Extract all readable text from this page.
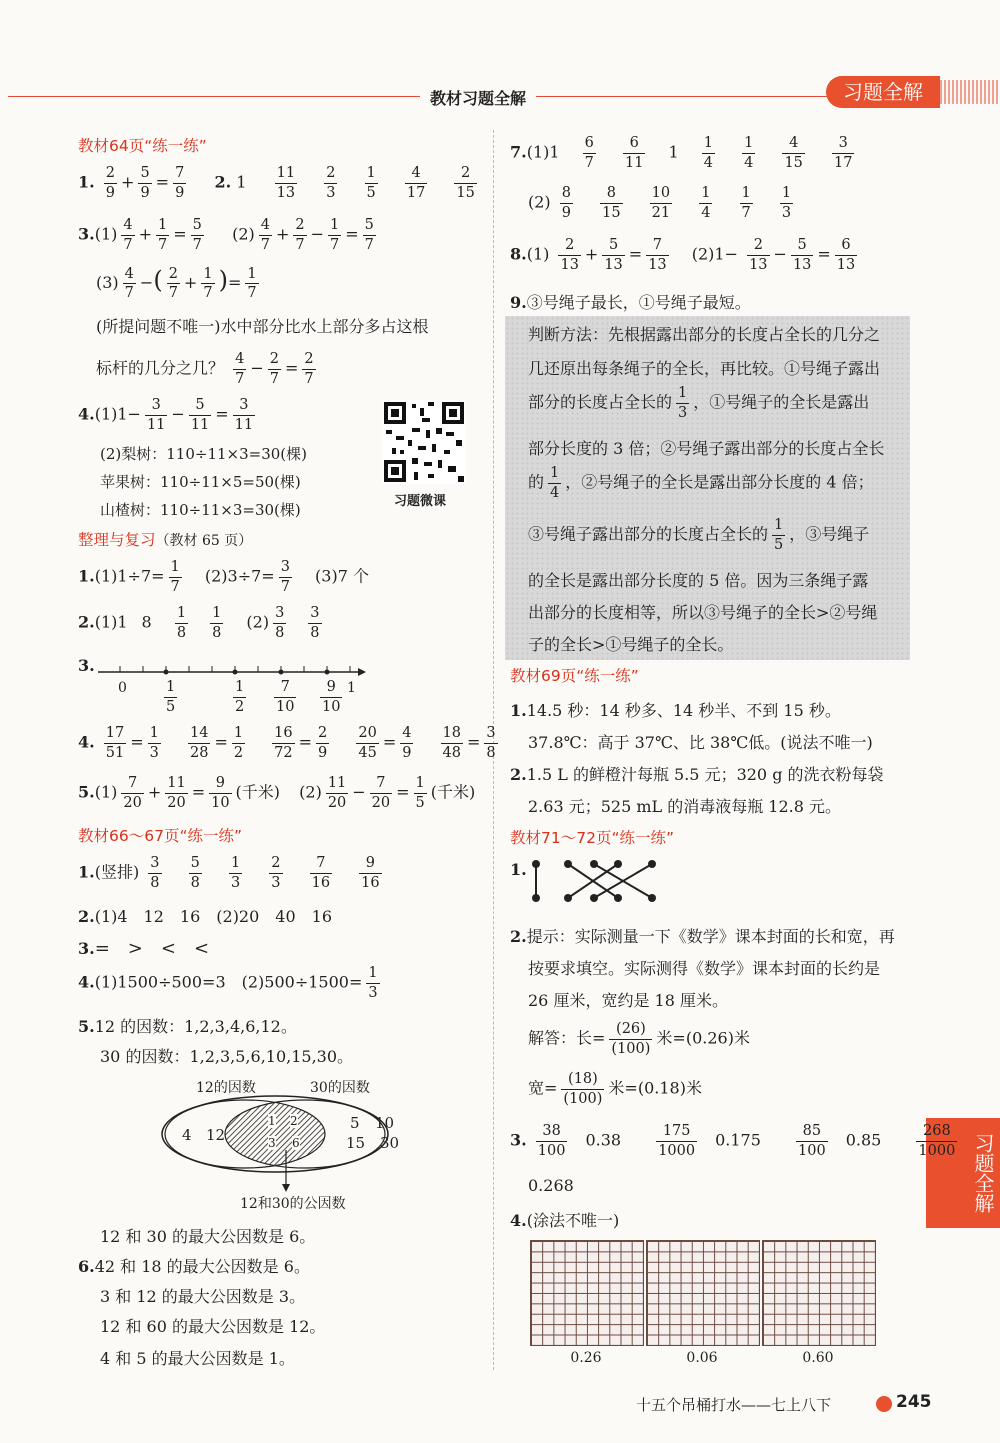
教材习题全解	习题全解
习题全解
教材64页“练一练”
1. $\frac{2}{9} + \frac{5}{9} = \frac{7}{9} 2$. $1 \frac{11}{13}$
$\frac{2}{3}$
$\frac{1}{5}$
$\frac{4}{17}$
$\frac{2}{15}$
$3.(1) \frac{4}{7} + \frac{1}{7} = \frac{5}{7} (2) \frac{4}{7} + \frac{2}{7} - \frac{1}{7} = \frac{5}{7}$
$(3) \frac{4}{7}$ −( $\frac{2}{7} + \frac{1}{7}$ )= $\frac{1}{7}$
(所提问题不唯一)水中部分比水上部分多占这根
标杆的几分之几？ $\frac{4}{7} - \frac{2}{7} = \frac{2}{7}$
$4.(1)1- \frac{3}{11} - \frac{5}{11} = \frac{3}{11}$
(2) 梨树：110÷11×3=30(棵)
苹果树：110÷11×5=50(棵)
山楂树：110÷11×3=30(棵)	习题微课
整理与复习（教材 65 页）
$1.(1)1\div 7= \frac{1}{7} (2)3\div 7= \frac{3}{7} (3)7$ 个
2.(1)1 $8 \frac{1}{8} \frac{1}{8} (2) \frac{3}{8} \frac{3}{8}$
3.
0	$\frac{1}{5}$	$\frac{1}{2} \frac{7}{10} \frac{9}{10} 1$
4. $\frac{17}{51} = \frac{1}{3}$
$\frac{14}{28} = \frac{1}{2}$
$\frac{16}{72} = \frac{2}{9}$
$\frac{20}{45} = \frac{4}{9}$
$\frac{18}{48} = \frac{3}{8}$
$5.(1) \frac{7}{20} + \frac{11}{20} = \frac{9}{10}$ (千米) $(2) \frac{11}{20} - \frac{7}{20} = \frac{1}{5}$ (千米)
教材66～67页“练一练”
1.(竖排) $\frac{3}{8}$
$\frac{5}{8}$
$\frac{1}{3}$
$\frac{2}{3}$
$\frac{7}{16}$
$\frac{9}{16}$
2.(1)4　12　16　(2)20　40　16
3.=　>　<　<
4.(1)1500÷500=3　$(2)500\div 1500= \frac{1}{3}$
5.12 的因数：1,2,3,4,6,12。
30 的因数：1,2,3,5,6,10,15,30。
12的因数	30的因数
4 12
1 2
3 6
5 10
15 30
12和30的公因数
12 和 30 的最大公因数是 6。
6.42 和 18 的最大公因数是 6。
3 和 12 的最大公因数是 3。
12 和 60 的最大公因数是 12。
4 和 5 的最大公因数是 1。
$7.(1)1 \frac{6}{7}$
$\frac{6}{11} 1 \frac{1}{4}$
$\frac{1}{4}$
$\frac{4}{15}$
$\frac{3}{17}$
$(2) \frac{8}{9}$
$\frac{8}{15}$
$\frac{10}{21}$
$\frac{1}{4}$
$\frac{1}{7}$
$\frac{1}{3}$
$8.(1) \frac{2}{13} + \frac{5}{13} = \frac{7}{13} (2)1- \frac{2}{13} - \frac{5}{13} = \frac{6}{13}$
9.③号绳子最长，①号绳子最短。
判断方法：先根据露出部分的长度占全长的几分之
几还原出每条绳子的全长，再比较。①号绳子露出
部分的长度占全长的 $\frac{1}{3}$ ，①号绳子的全长是露出
部分长度的 3 倍；②号绳子露出部分的长度占全长
的 $\frac{1}{4}$ ，②号绳子的全长是露出部分长度的 4 倍；
③号绳子露出部分的长度占全长的 $\frac{1}{5}$ ，③号绳子
的全长是露出部分长度的 5 倍。因为三条绳子露
出部分的长度相等，所以③号绳子的全长>②号绳
子的全长>①号绳子的全长。
教材69页“练一练”
1.14.5 秒：14 秒多、14 秒半、不到 15 秒。
37.8℃：高于 37℃、比 38℃低。(说法不唯一)
2.1.5 L 的鲜橙汁每瓶 5.5 元；320 g 的洗衣粉每袋
2.63 元；525 mL 的消毒液每瓶 12.8 元。
教材71～72页“练一练”
1.
2.提示：实际测量一下《数学》课本封面的长和宽，再
按要求填空。实际测得《数学》课本封面的长约是
26 厘米，宽约是 18 厘米。
解答：长= $\frac{(26)}{(100)}$ 米=(0.26)米
宽= $\frac{(18)}{(100)}$ 米=(0.18)米
3. $\frac{38}{100} 0.38 \frac{175}{1000} 0.175 \frac{85}{100} 0.85 \frac{268}{1000}$
0.268
4.(涂法不唯一)
0.26	0.06	0.60
十五个吊桶打水——七上八下	245
